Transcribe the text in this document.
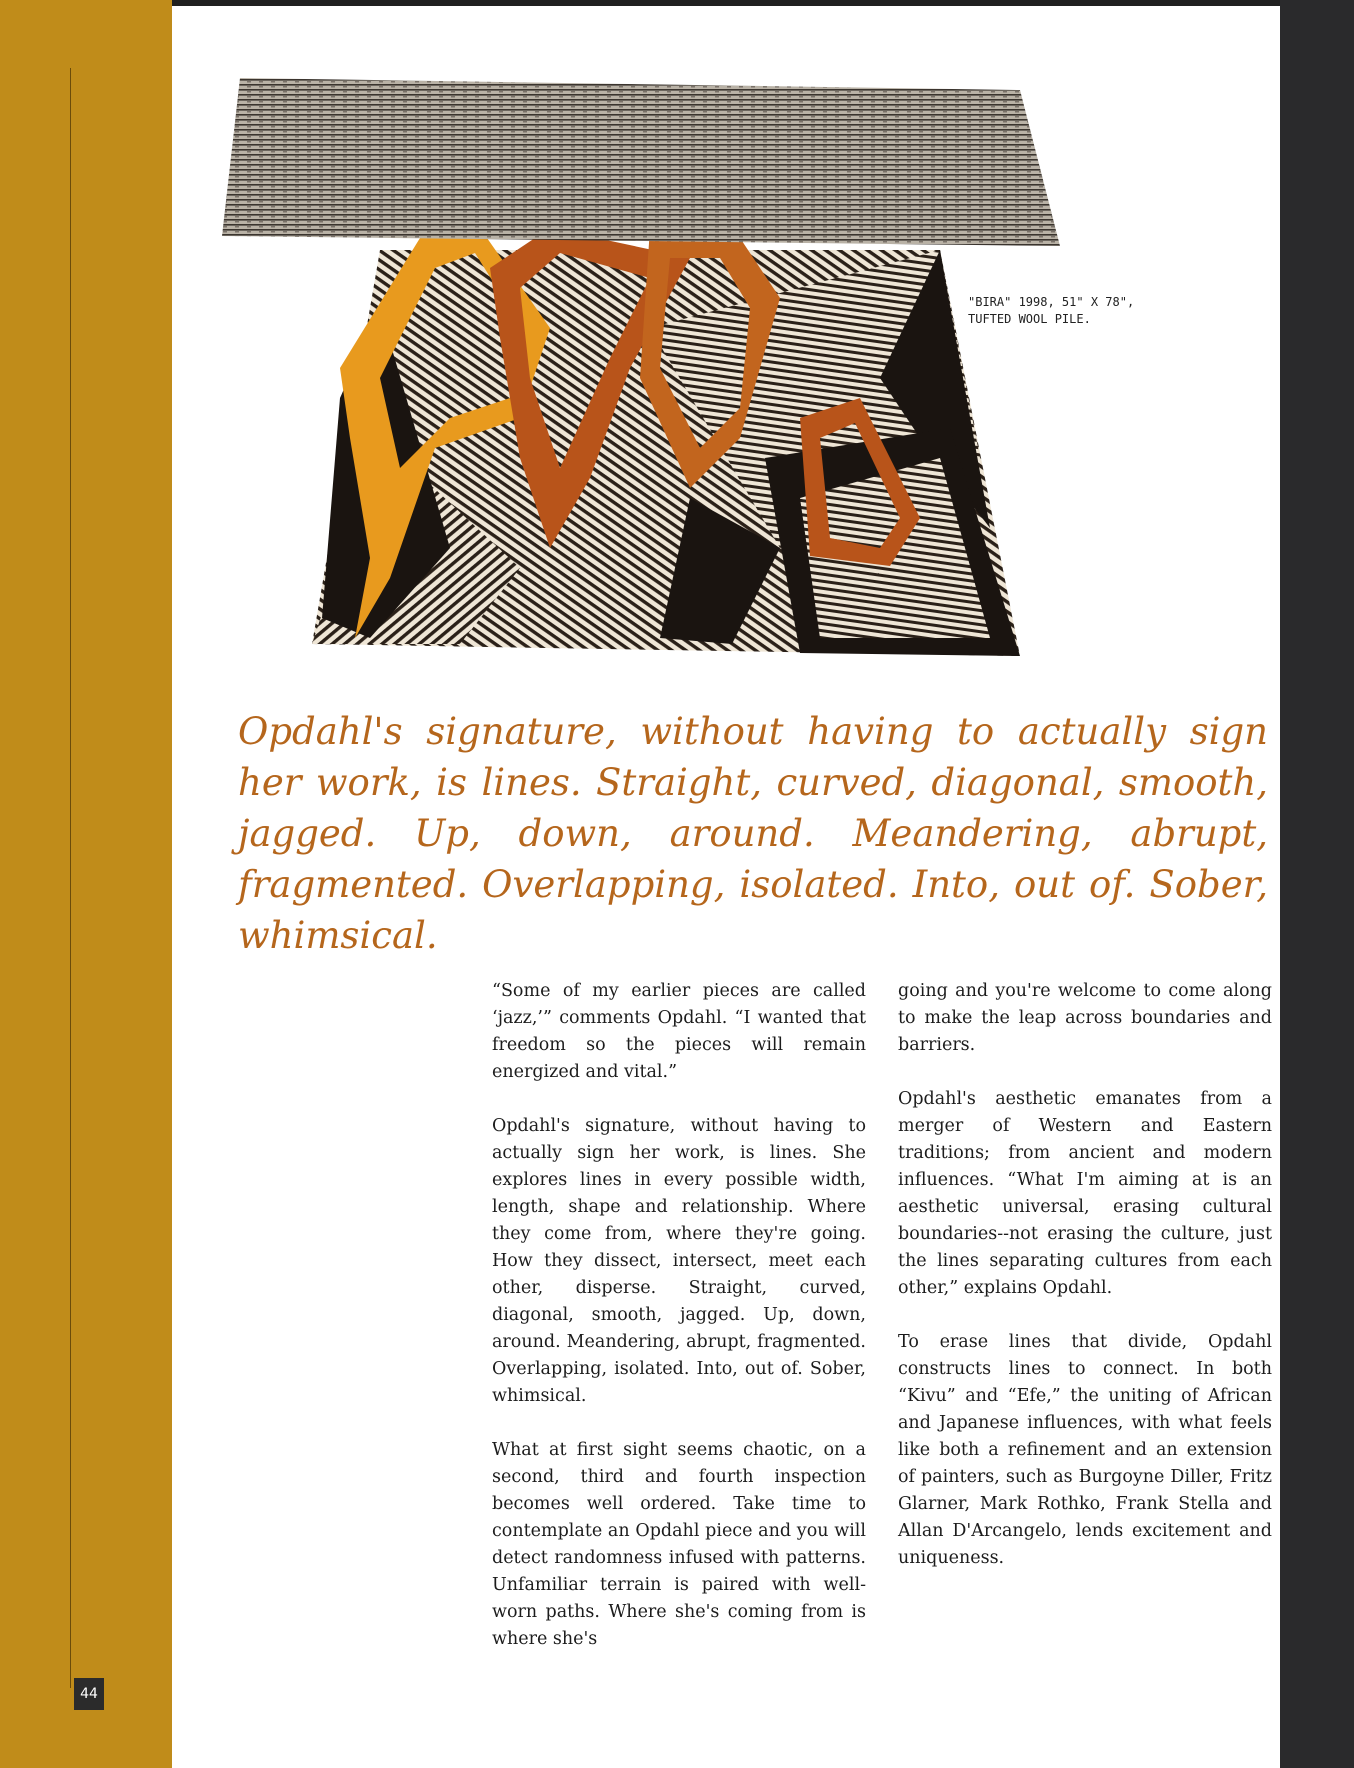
"BIRA" 1998, 51" X 78",
TUFTED WOOL PILE.
Opdahl's signature, without having to actually sign her work, is lines. Straight, curved, diagonal, smooth, jagged. Up, down, around. Meandering, abrupt, fragmented. Overlapping, isolated. Into, out of. Sober, whimsical.

“Some of my earlier pieces are called ‘jazz,’” comments Opdahl. “I wanted that freedom so the pieces will remain energized and vital.”

Opdahl's signature, without having to actually sign her work, is lines. She explores lines in every possible width, length, shape and relationship. Where they come from, where they're going. How they dissect, intersect, meet each other, disperse. Straight, curved, diagonal, smooth, jagged. Up, down, around. Meandering, abrupt, fragmented. Overlapping, isolated. Into, out of. Sober, whimsical.

What at first sight seems chaotic, on a second, third and fourth inspection becomes well ordered. Take time to contemplate an Opdahl piece and you will detect randomness infused with patterns. Unfamiliar terrain is paired with well-worn paths. Where she's coming from is where she's

going and you're welcome to come along to make the leap across boundaries and barriers.

Opdahl's aesthetic emanates from a merger of Western and Eastern traditions; from ancient and modern influences. “What I'm aiming at is an aesthetic universal, erasing cultural boundaries--not erasing the culture, just the lines separating cultures from each other,” explains Opdahl.

To erase lines that divide, Opdahl constructs lines to connect. In both “Kivu” and “Efe,” the uniting of African and Japanese influences, with what feels like both a refinement and an extension of painters, such as Burgoyne Diller, Fritz Glarner, Mark Rothko, Frank Stella and Allan D'Arcangelo, lends excitement and uniqueness.

44
